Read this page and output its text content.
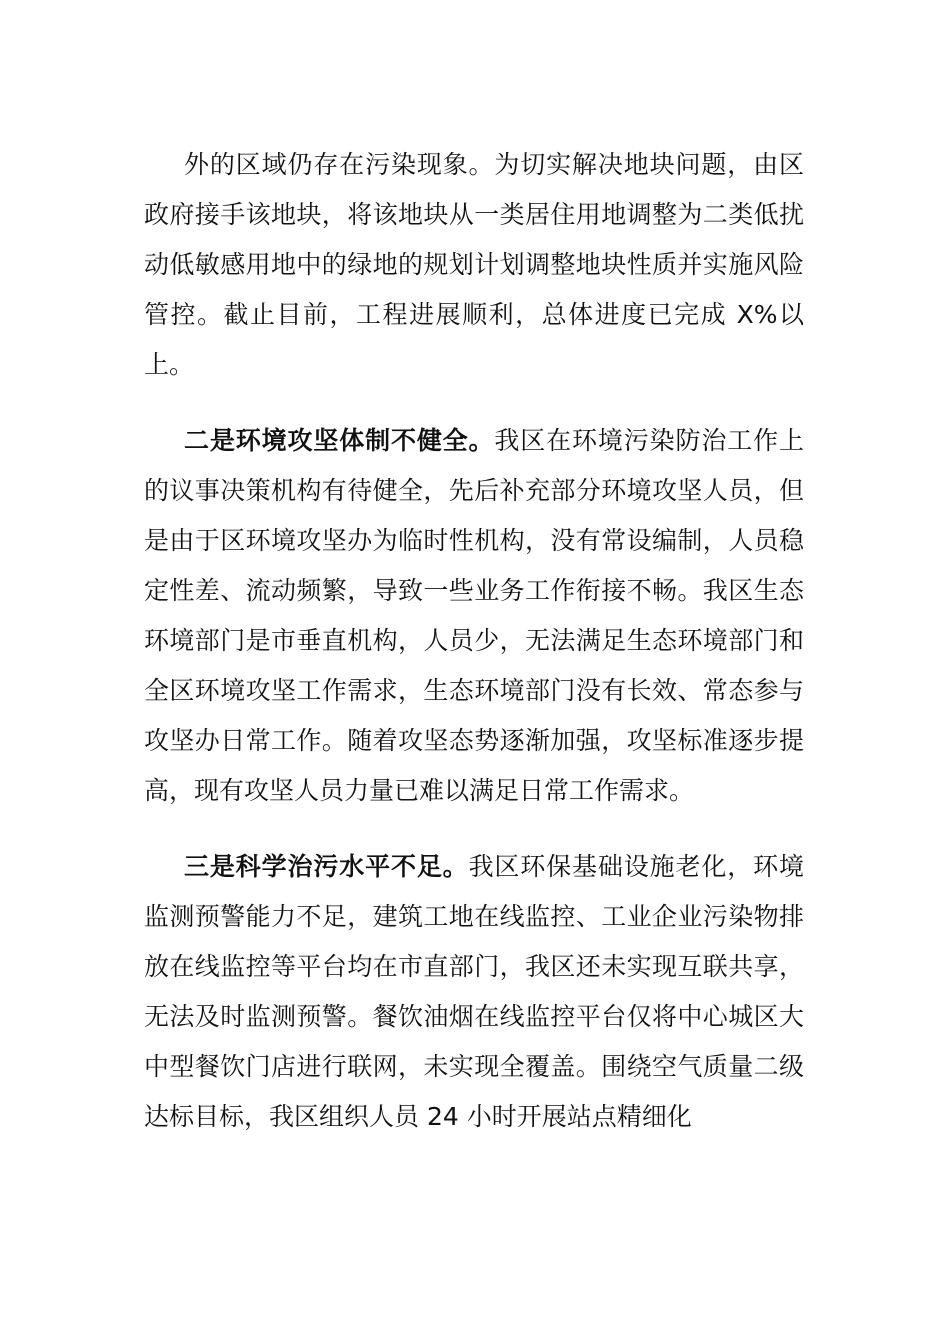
外的区域仍存在污染现象。为切实解决地块问题，由区政府接手该地块，将该地块从一类居住用地调整为二类低扰动低敏感用地中的绿地的规划计划调整地块性质并实施风险管控。截止目前，工程进展顺利，总体进度已完成 X%以上。

二是环境攻坚体制不健全。我区在环境污染防治工作上的议事决策机构有待健全，先后补充部分环境攻坚人员，但是由于区环境攻坚办为临时性机构，没有常设编制，人员稳定性差、流动频繁，导致一些业务工作衔接不畅。我区生态环境部门是市垂直机构，人员少，无法满足生态环境部门和全区环境攻坚工作需求，生态环境部门没有长效、常态参与攻坚办日常工作。随着攻坚态势逐渐加强，攻坚标准逐步提高，现有攻坚人员力量已难以满足日常工作需求。

三是科学治污水平不足。我区环保基础设施老化，环境监测预警能力不足，建筑工地在线监控、工业企业污染物排放在线监控等平台均在市直部门，我区还未实现互联共享，无法及时监测预警。餐饮油烟在线监控平台仅将中心城区大中型餐饮门店进行联网，未实现全覆盖。围绕空气质量二级达标目标，我区组织人员 24 小时开展站点精细化
